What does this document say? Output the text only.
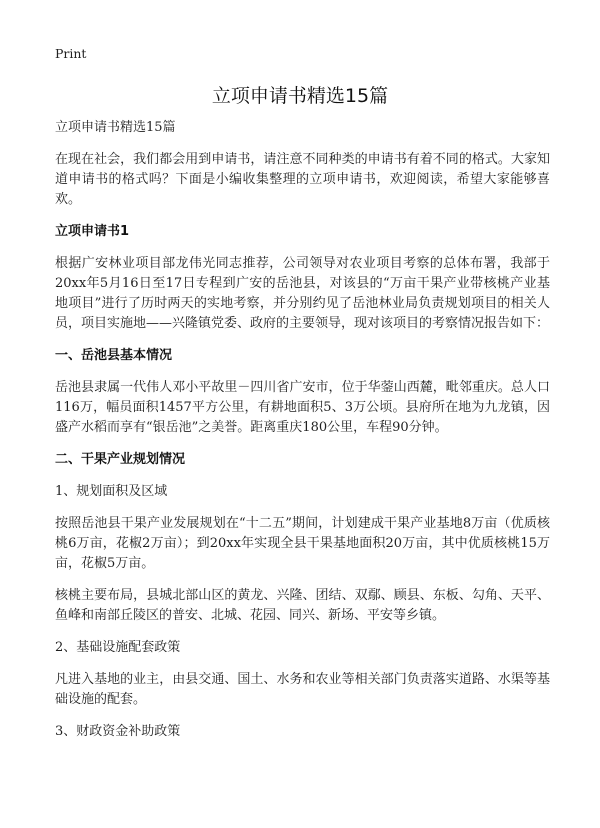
Print
立项申请书精选15篇
立项申请书精选15篇
在现在社会，我们都会用到申请书，请注意不同种类的申请书有着不同的格式。大家知道申请书的格式吗？下面是小编收集整理的立项申请书，欢迎阅读，希望大家能够喜欢。
立项申请书1
根据广安林业项目部龙伟光同志推荐，公司领导对农业项目考察的总体布署，我部于20xx年5月16日至17日专程到广安的岳池县，对该县的“万亩干果产业带核桃产业基地项目”进行了历时两天的实地考察，并分别约见了岳池林业局负责规划项目的相关人员，项目实施地——兴隆镇党委、政府的主要领导，现对该项目的考察情况报告如下：
一、岳池县基本情况
岳池县隶属一代伟人邓小平故里－四川省广安市，位于华蓥山西麓，毗邻重庆。总人口116万，幅员面积1457平方公里，有耕地面积5、3万公顷。县府所在地为九龙镇，因盛产水稻而享有“银岳池”之美誉。距离重庆180公里，车程90分钟。
二、干果产业规划情况
1、规划面积及区域
按照岳池县干果产业发展规划在“十二五”期间，计划建成干果产业基地8万亩（优质核桃6万亩，花椒2万亩）；到20xx年实现全县干果基地面积20万亩，其中优质核桃15万亩，花椒5万亩。
核桃主要布局，县城北部山区的黄龙、兴隆、团结、双鄢、顾县、东板、勾角、天平、鱼峰和南部丘陵区的普安、北城、花园、同兴、新场、平安等乡镇。
2、基础设施配套政策
凡进入基地的业主，由县交通、国土、水务和农业等相关部门负责落实道路、水渠等基础设施的配套。
3、财政资金补助政策
